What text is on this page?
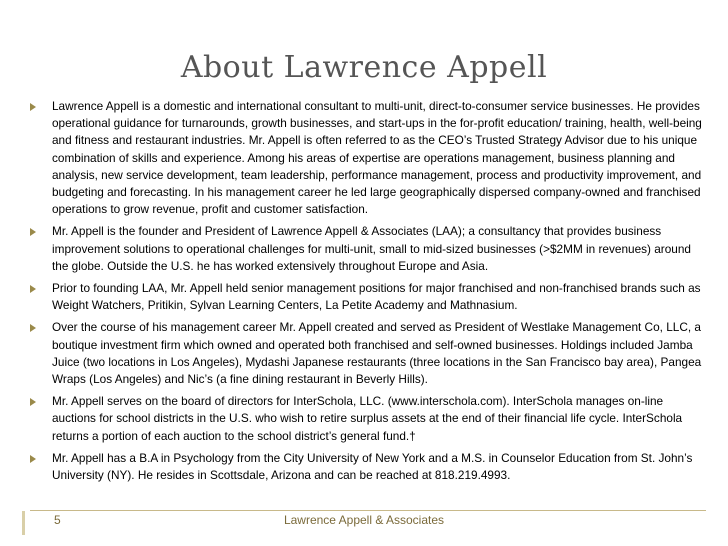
About Lawrence Appell
Lawrence Appell is a domestic and international consultant to multi-unit, direct-to-consumer service businesses. He provides operational guidance for turnarounds, growth businesses, and start-ups in the for-profit education/ training, health, well-being and fitness and restaurant industries. Mr. Appell is often referred to as the CEO’s Trusted Strategy Advisor due to his unique combination of skills and experience. Among his areas of expertise are operations management, business planning and analysis, new service development, team leadership, performance management, process and productivity improvement, and budgeting and forecasting. In his management career he led large geographically dispersed company-owned and franchised operations to grow revenue, profit and customer satisfaction.
Mr. Appell is the founder and President of Lawrence Appell & Associates (LAA); a consultancy that provides business improvement solutions to operational challenges for multi-unit, small to mid-sized businesses (>$2MM in revenues) around the globe. Outside the U.S. he has worked extensively throughout Europe and Asia.
Prior to founding LAA, Mr. Appell held senior management positions for major franchised and non-franchised brands such as Weight Watchers, Pritikin, Sylvan Learning Centers, La Petite Academy and Mathnasium.
Over the course of his management career Mr. Appell created and served as President of Westlake Management Co, LLC, a boutique investment firm which owned and operated both franchised and self-owned businesses. Holdings included Jamba Juice (two locations in Los Angeles), Mydashi Japanese restaurants (three locations in the San Francisco bay area), Pangea Wraps (Los Angeles) and Nic’s (a fine dining restaurant in Beverly Hills).
Mr. Appell serves on the board of directors for InterSchola, LLC. (www.interschola.com). InterSchola manages on-line auctions for school districts in the U.S. who wish to retire surplus assets at the end of their financial life cycle. InterSchola returns a portion of each auction to the school district’s general fund.†
Mr. Appell has a B.A in Psychology from the City University of New York and a M.S. in Counselor Education from St. John’s University (NY). He resides in Scottsdale, Arizona and can be reached at 818.219.4993.
5	Lawrence Appell & Associates
